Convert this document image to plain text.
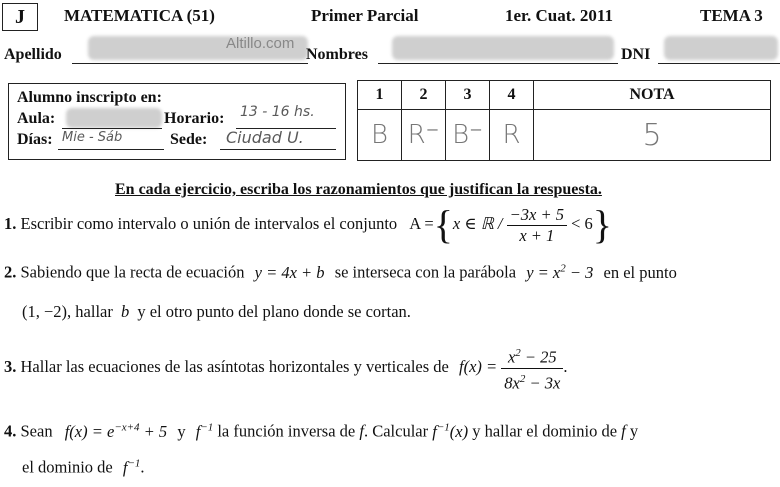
J	MATEMATICA (51)	Primer Parcial	1er. Cuat. 2011	TEMA 3
Apellido
Altillo.com
Nombres	DNI
Alumno inscripto en:
Aula:	Horario: 13 - 16 hs.
Días: Mie - Sáb	Sede: Ciudad U.
1	2	3	4	NOTA
B	R⁻	B⁻	R	5
En cada ejercicio, escriba los razonamientos que justifican la respuesta.
1. Escribir como intervalo o unión de intervalos el conjunto A ={x ∈ ℝ / $\frac{-3x + 5}{x + 1} < 6$}
2. Sabiendo que la recta de ecuación y = 4x + b se interseca con la parábola $y = x^2 - 3$ en el punto
(1, −2), hallar b y el otro punto del plano donde se cortan.
3. Hallar las ecuaciones de las asíntotas horizontales y verticales de $f(x) = \frac{x^2 - 25}{8x^2 - 3x}$ .
4. Sean $f(x) = e^{-x+4} + 5$ y $f^{-1}$ la función inversa de f. Calcular $f^{-1}(x)$ y hallar el dominio de f y
el dominio de $f^{-1}$.
